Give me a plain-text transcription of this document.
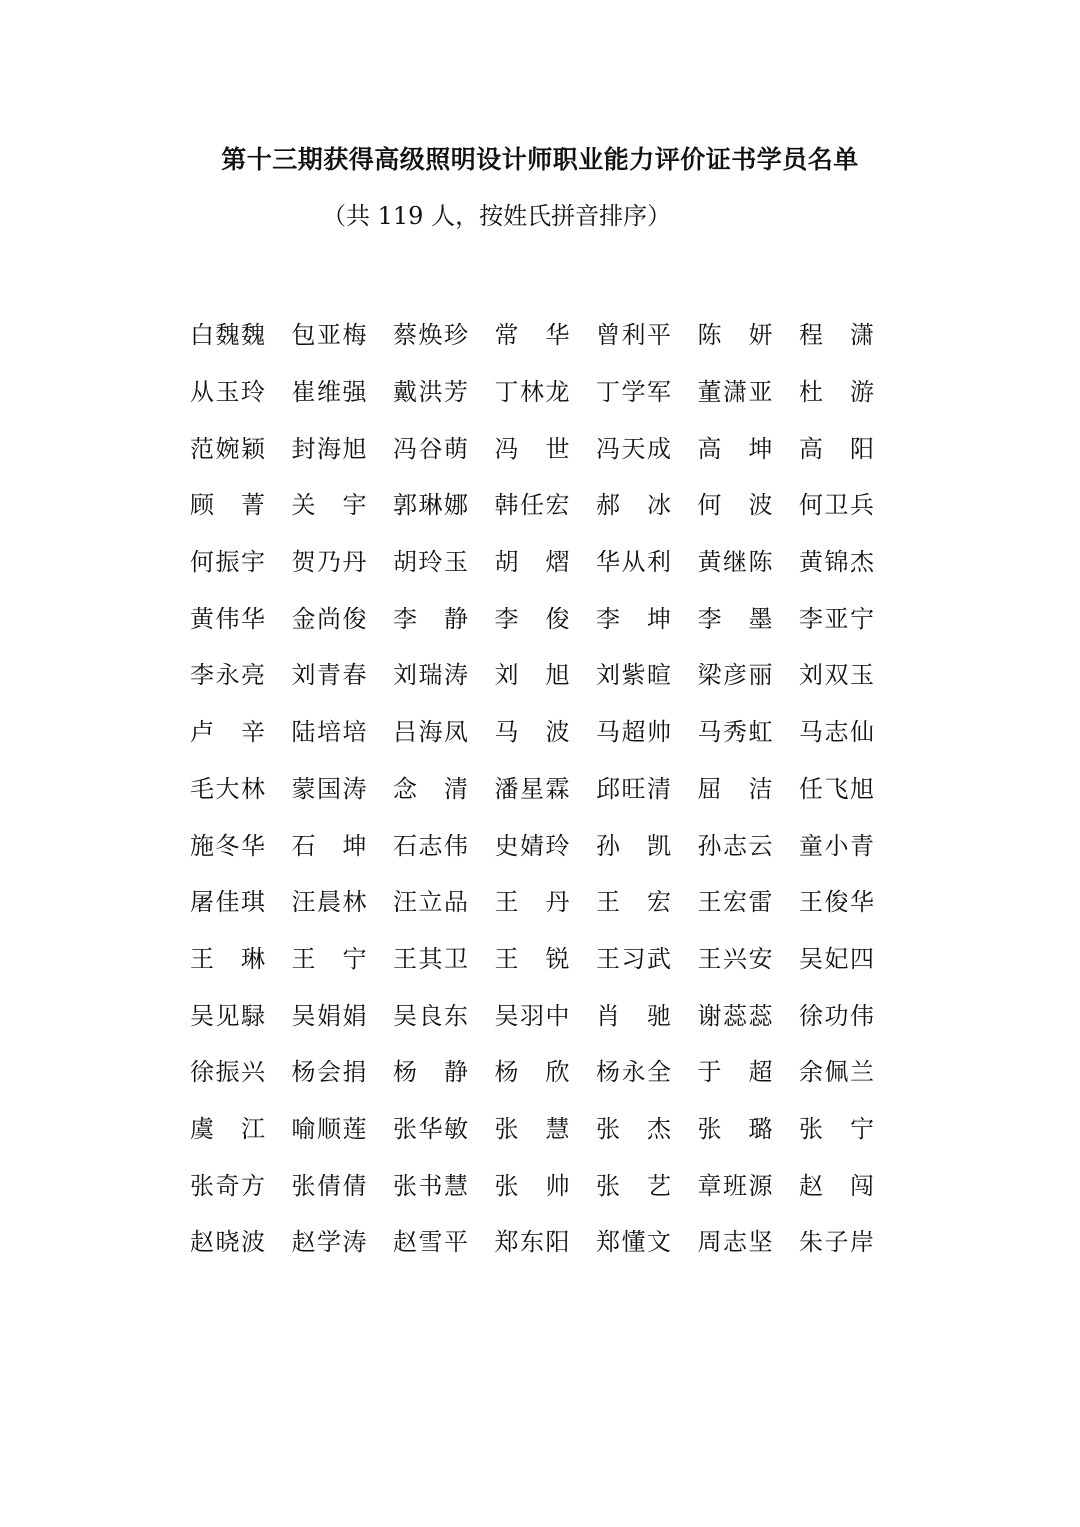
第十三期获得高级照明设计师职业能力评价证书学员名单

（共 119 人，按姓氏拼音排序）

白 魏 魏 包 亚 梅 蔡 焕 珍 常 华 曾 利 平 陈 妍 程 潇
从 玉 玲 崔 维 强 戴 洪 芳 丁 林 龙 丁 学 军 董 潇 亚 杜 游
范 婉 颖 封 海 旭 冯 谷 萌 冯 世 冯 天 成 高 坤 高 阳
顾 菁 关 宇 郭 琳 娜 韩 任 宏 郝 冰 何 波 何 卫 兵
何 振 宇 贺 乃 丹 胡 玲 玉 胡 熠 华 从 利 黄 继 陈 黄 锦 杰
黄 伟 华 金 尚 俊 李 静 李 俊 李 坤 李 墨 李 亚 宁
李 永 亮 刘 青 春 刘 瑞 涛 刘 旭 刘 紫 暄 梁 彦 丽 刘 双 玉
卢 辛 陆 培 培 吕 海 凤 马 波 马 超 帅 马 秀 虹 马 志 仙
毛 大 林 蒙 国 涛 念 清 潘 星 霖 邱 旺 清 屈 洁 任 飞 旭
施 冬 华 石 坤 石 志 伟 史 婧 玲 孙 凯 孙 志 云 童 小 青
屠 佳 琪 汪 晨 林 汪 立 品 王 丹 王 宏 王 宏 雷 王 俊 华
王 琳 王 宁 王 其 卫 王 锐 王 习 武 王 兴 安 吴 妃 四
吴 见 騄 吴 娟 娟 吴 良 东 吴 羽 中 肖 驰 谢 蕊 蕊 徐 功 伟
徐 振 兴 杨 会 捐 杨 静 杨 欣 杨 永 全 于 超 余 佩 兰
虞 江 喻 顺 莲 张 华 敏 张 慧 张 杰 张 璐 张 宁
张 奇 方 张 倩 倩 张 书 慧 张 帅 张 艺 章 班 源 赵 闯
赵 晓 波 赵 学 涛 赵 雪 平 郑 东 阳 郑 懂 文 周 志 坚 朱 子 岸
